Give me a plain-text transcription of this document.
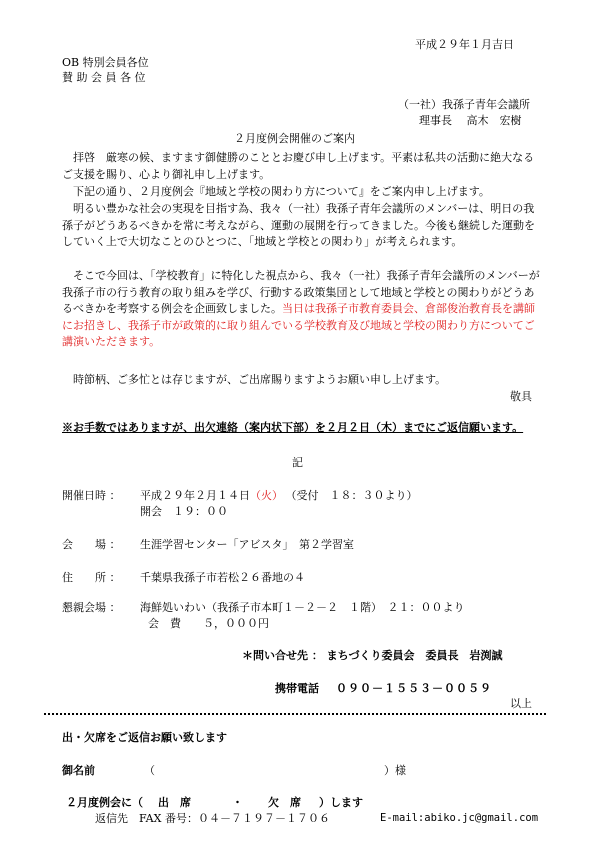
平成２９年１月吉日
OB 特別会員各位
賛 助 会 員 各 位
（一社）我孫子青年会議所
理事長　 高木　宏樹
２月度例会開催のご案内
　拝啓　厳寒の候、ますます御健勝のこととお慶び申し上げます。平素は私共の活動に絶大なるご支援を賜り、心より御礼申し上げます。
　下記の通り、２月度例会『地域と学校の関わり方について』をご案内申し上げます。
　明るい豊かな社会の実現を目指す為、我々（一社）我孫子青年会議所のメンバーは、明日の我孫子がどうあるべきかを常に考えながら、運動の展開を行ってきました。今後も継続した運動をしていく上で大切なことのひとつに、「地域と学校との関わり」が考えられます。
　そこで今回は、「学校教育」に特化した視点から、我々（一社）我孫子青年会議所のメンバーが我孫子市の行う教育の取り組みを学び、行動する政策集団として地域と学校との関わりがどうあるべきかを考察する例会を企画致しました。当日は我孫子市教育委員会、倉部俊治教育長を講師にお招きし、我孫子市が政策的に取り組んでいる学校教育及び地域と学校の関わり方についてご講演いただきます。
　時節柄、ご多忙とは存じますが、ご出席賜りますようお願い申し上げます。
敬具
※お手数ではありますが、出欠連絡（案内状下部）を２月２日（木）までにご返信願います。
記
開催日時 ： 平成２９年２月１４日（火） （受付　１８：３０より）
開会　１９：００
会　　場 ： 生涯学習センター「アビスタ」　第２学習室
住　　所 ： 千葉県我孫子市若松２６番地の４
懇親会場 ： 海鮮処いわい（我孫子市本町１－２－２　１階）　２１：００より
会　費　　５，０００円
＊問い合せ先 ： まちづくり委員会　委員長　岩渕誠
携帯電話 ０９０－１５５３－００５９
以上
出・欠席をご返信お願い致します
御名前	（	）様
２月度例会に（ 出　席	・ 欠　席 ）します
返信先　FAX 番号：０４－７１９７－１７０６	E-mail:abiko.jc@gmail.com
